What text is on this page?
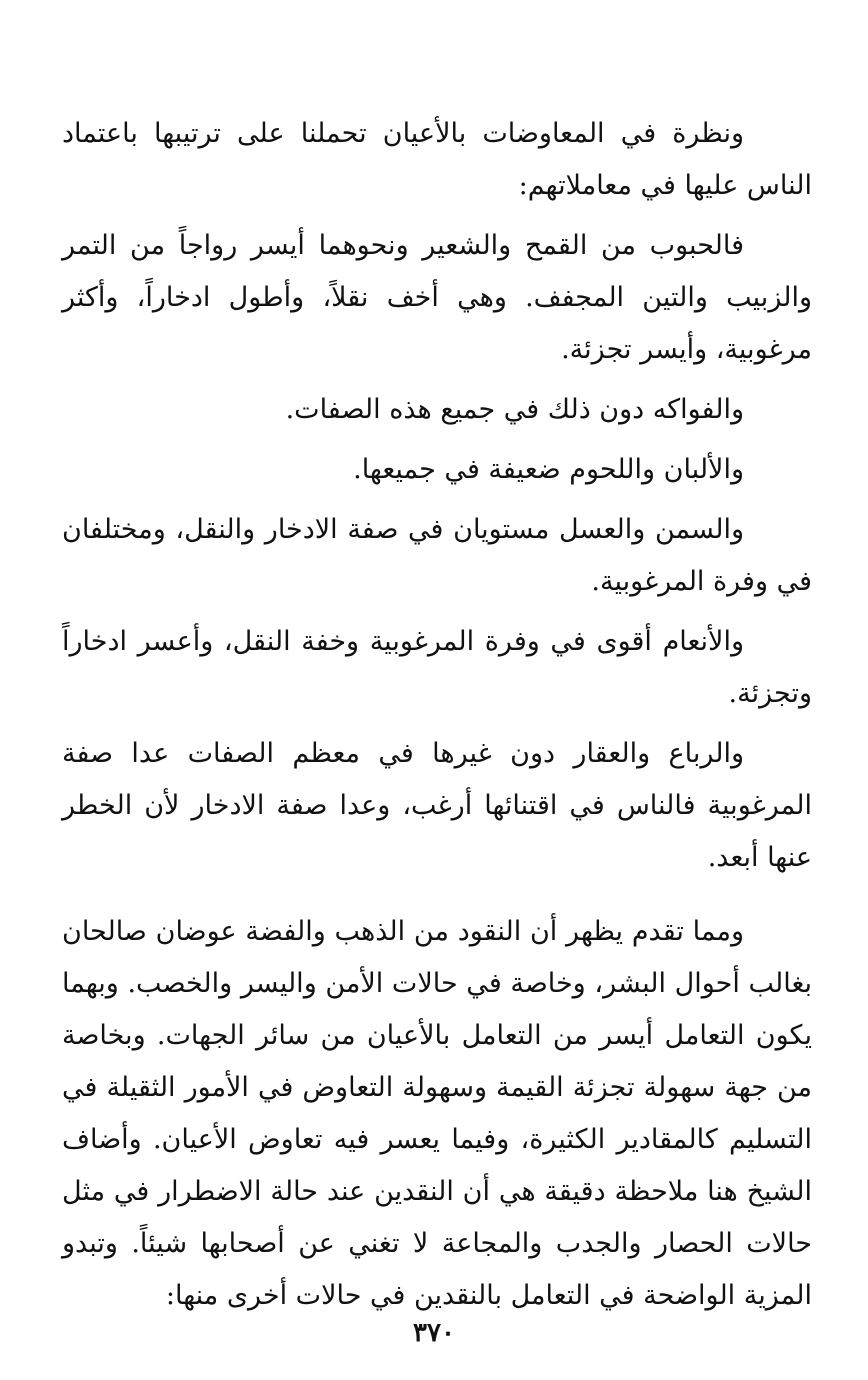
ونظرة في المعاوضات بالأعيان تحملنا على ترتيبها باعتماد الناس عليها في معاملاتهم:

فالحبوب من القمح والشعير ونحوهما أيسر رواجاً من التمر والزبيب والتين المجفف. وهي أخف نقلاً، وأطول ادخاراً، وأكثر مرغوبية، وأيسر تجزئة.

والفواكه دون ذلك في جميع هذه الصفات.

والألبان واللحوم ضعيفة في جميعها.

والسمن والعسل مستويان في صفة الادخار والنقل، ومختلفان في وفرة المرغوبية.

والأنعام أقوى في وفرة المرغوبية وخفة النقل، وأعسر ادخاراً وتجزئة.

والرباع والعقار دون غيرها في معظم الصفات عدا صفة المرغوبية فالناس في اقتنائها أرغب، وعدا صفة الادخار لأن الخطر عنها أبعد.

ومما تقدم يظهر أن النقود من الذهب والفضة عوضان صالحان بغالب أحوال البشر، وخاصة في حالات الأمن واليسر والخصب. وبهما يكون التعامل أيسر من التعامل بالأعيان من سائر الجهات. وبخاصة من جهة سهولة تجزئة القيمة وسهولة التعاوض في الأمور الثقيلة في التسليم كالمقادير الكثيرة، وفيما يعسر فيه تعاوض الأعيان. وأضاف الشيخ هنا ملاحظة دقيقة هي أن النقدين عند حالة الاضطرار في مثل حالات الحصار والجدب والمجاعة لا تغني عن أصحابها شيئاً. وتبدو المزية الواضحة في التعامل بالنقدين في حالات أخرى منها:

٣٧٠
